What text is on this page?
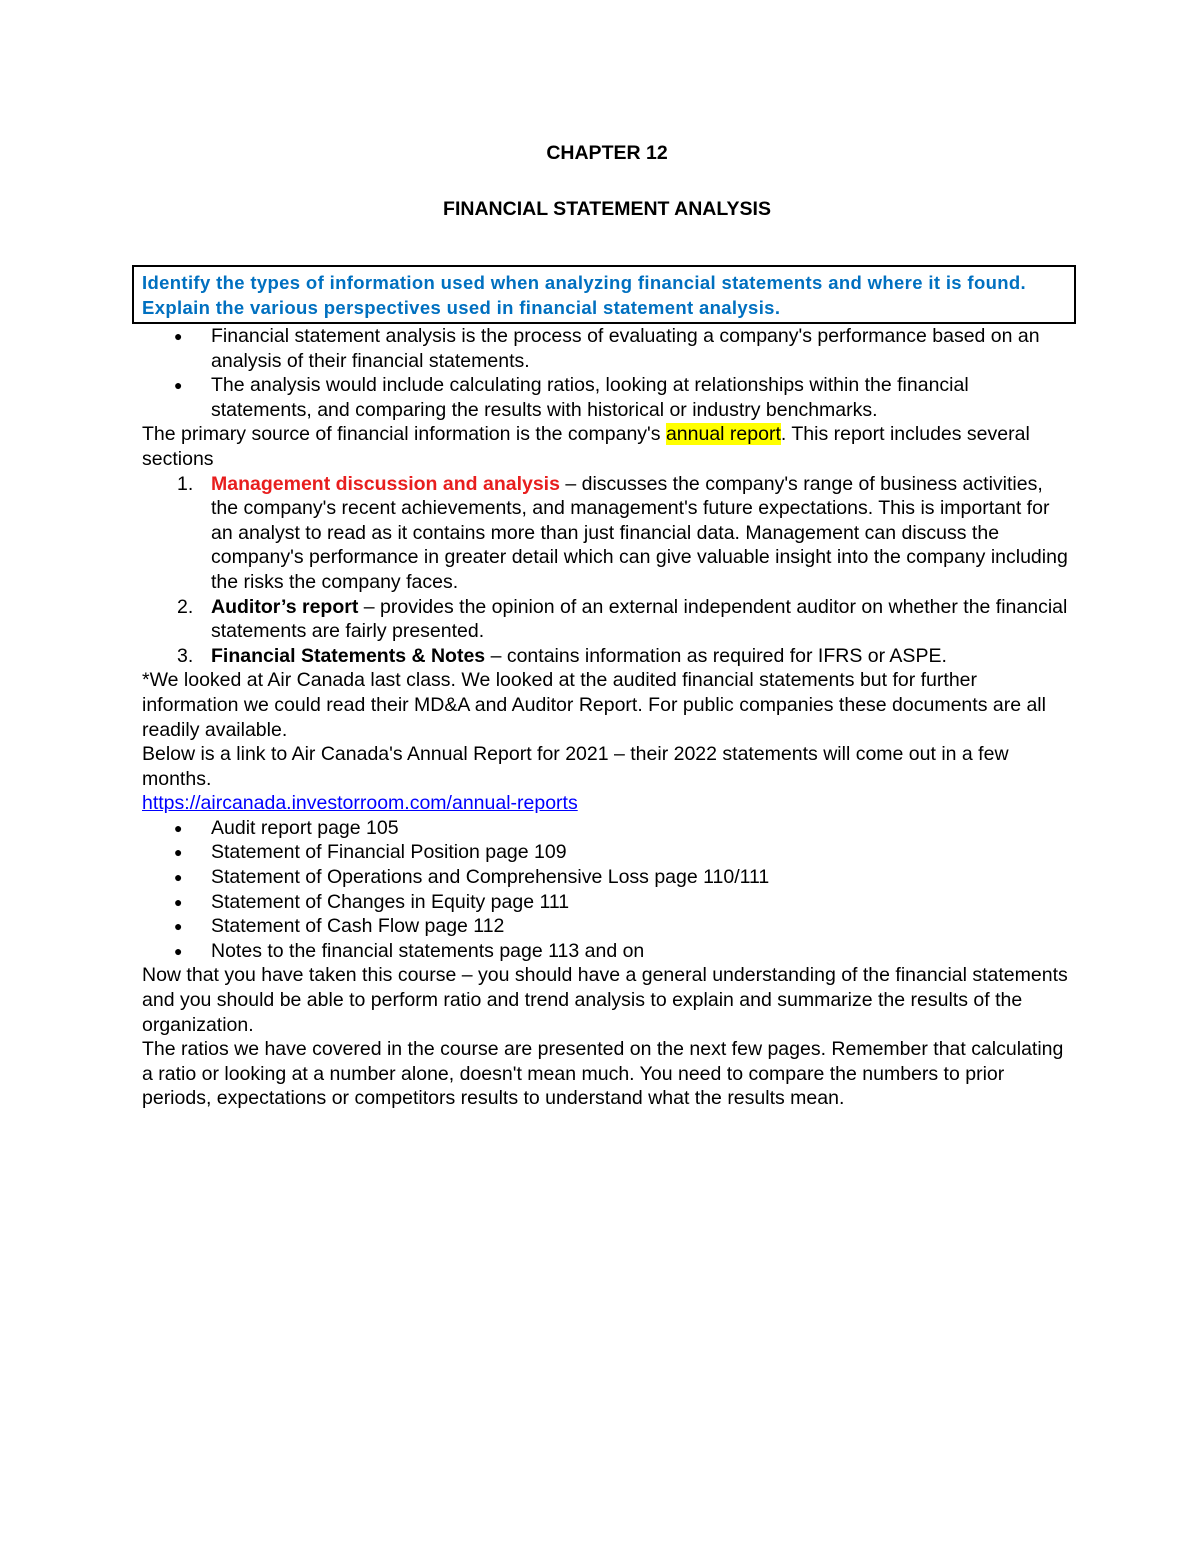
CHAPTER 12

FINANCIAL STATEMENT ANALYSIS

Identify the types of information used when analyzing financial statements and where it is found.

Explain the various perspectives used in financial statement analysis.

● Financial statement analysis is the process of evaluating a company's performance based on an analysis of their financial statements.
● The analysis would include calculating ratios, looking at relationships within the financial statements, and comparing the results with historical or industry benchmarks.

The primary source of financial information is the company's annual report. This report includes several sections

1. Management discussion and analysis – discusses the company's range of business activities, the company's recent achievements, and management's future expectations. This is important for an analyst to read as it contains more than just financial data. Management can discuss the company's performance in greater detail which can give valuable insight into the company including the risks the company faces.
2. Auditor’s report – provides the opinion of an external independent auditor on whether the financial statements are fairly presented.
3. Financial Statements & Notes – contains information as required for IFRS or ASPE.

*We looked at Air Canada last class. We looked at the audited financial statements but for further information we could read their MD&A and Auditor Report. For public companies these documents are all readily available.

Below is a link to Air Canada's Annual Report for 2021 – their 2022 statements will come out in a few months.

https://aircanada.investorroom.com/annual-reports

● Audit report page 105
● Statement of Financial Position page 109
● Statement of Operations and Comprehensive Loss page 110/111
● Statement of Changes in Equity page 111
● Statement of Cash Flow page 112
● Notes to the financial statements page 113 and on

Now that you have taken this course – you should have a general understanding of the financial statements and you should be able to perform ratio and trend analysis to explain and summarize the results of the organization.

The ratios we have covered in the course are presented on the next few pages. Remember that calculating a ratio or looking at a number alone, doesn't mean much. You need to compare the numbers to prior periods, expectations or competitors results to understand what the results mean.
